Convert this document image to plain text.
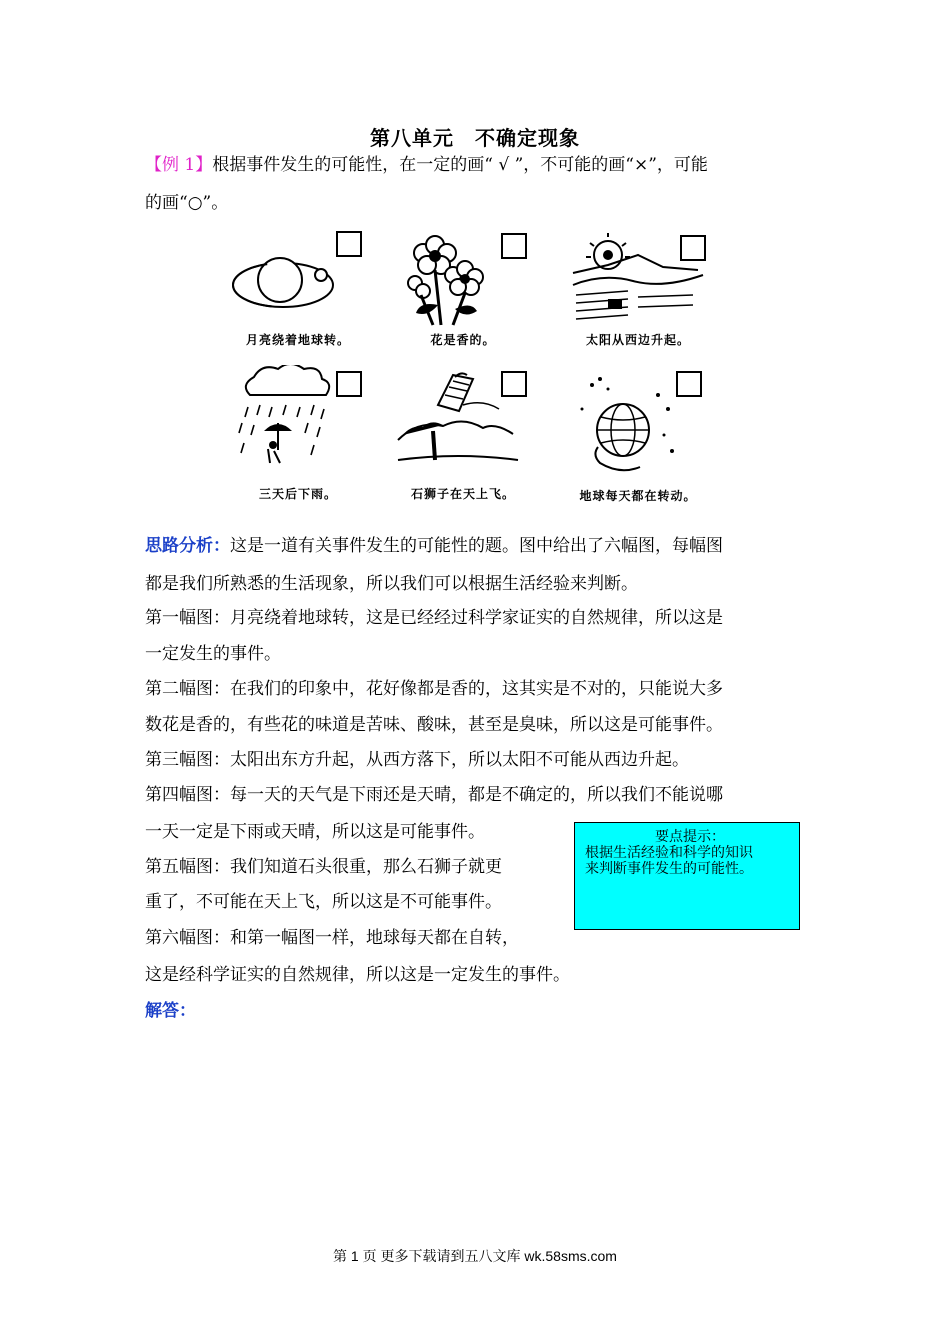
第八单元　不确定现象
【例 1】根据事件发生的可能性，在一定的画“ √ ”，不可能的画“×”，可能
的画“○”。
月亮绕着地球转。	花是香的。	太阳从西边升起。
三天后下雨。	石狮子在天上飞。	地球每天都在转动。
思路分析：这是一道有关事件发生的可能性的题。图中给出了六幅图，每幅图
都是我们所熟悉的生活现象，所以我们可以根据生活经验来判断。
第一幅图：月亮绕着地球转，这是已经经过科学家证实的自然规律，所以这是
一定发生的事件。
第二幅图：在我们的印象中，花好像都是香的，这其实是不对的，只能说大多
数花是香的，有些花的味道是苦味、酸味，甚至是臭味，所以这是可能事件。
第三幅图：太阳出东方升起，从西方落下，所以太阳不可能从西边升起。
第四幅图：每一天的天气是下雨还是天晴，都是不确定的，所以我们不能说哪
一天一定是下雨或天晴，所以这是可能事件。
第五幅图：我们知道石头很重，那么石狮子就更
重了，不可能在天上飞，所以这是不可能事件。
第六幅图：和第一幅图一样，地球每天都在自转，
这是经科学证实的自然规律，所以这是一定发生的事件。
要点提示：
根据生活经验和科学的知识
来判断事件发生的可能性。
解答：
第 1 页 更多下载请到五八文库 wk.58sms.com
